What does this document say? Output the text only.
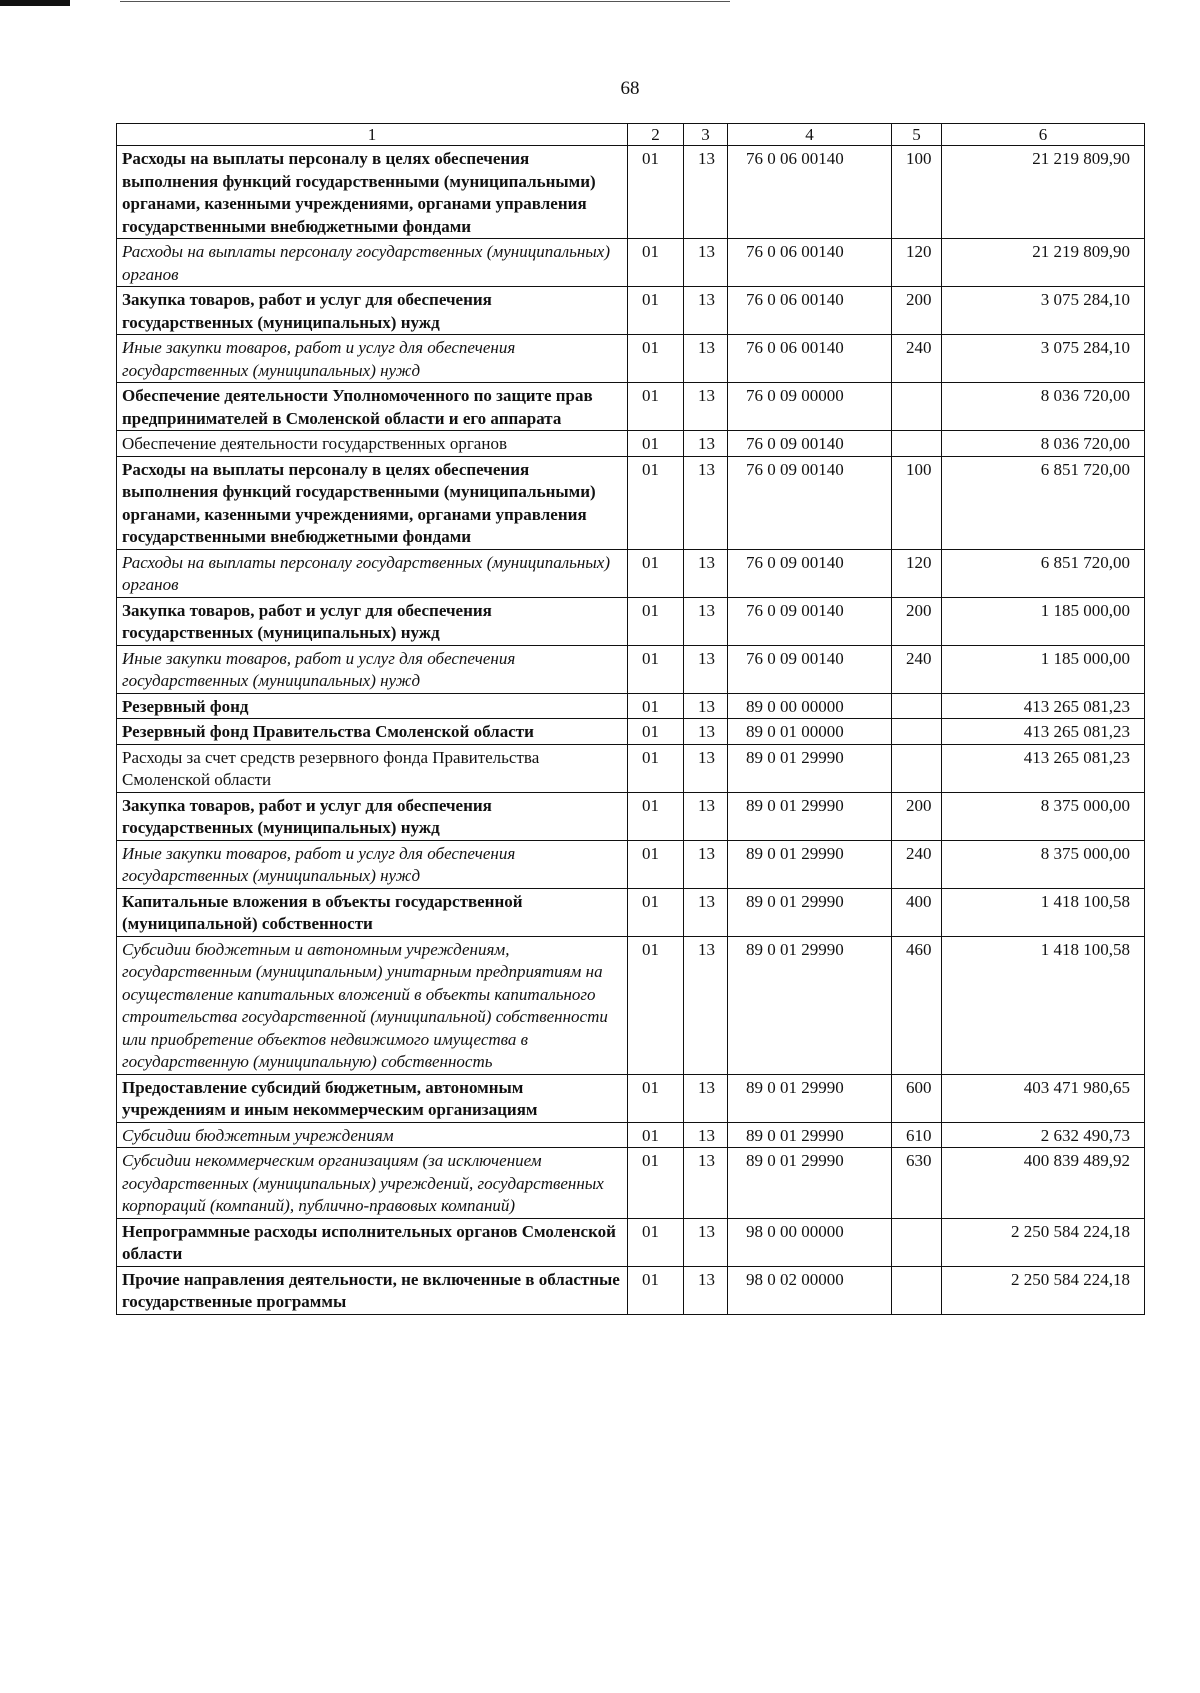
68
1	2	3	4	5	6
Расходы на выплаты персоналу в целях обеспечения выполнения функций государственными (муниципальными) органами, казенными учреждениями, органами управления государственными внебюджетными фондами	01	13	76 0 06 00140	100	21 219 809,90
Расходы на выплаты персоналу государственных (муниципальных) органов	01	13	76 0 06 00140	120	21 219 809,90
Закупка товаров, работ и услуг для обеспечения государственных (муниципальных) нужд	01	13	76 0 06 00140	200	3 075 284,10
Иные закупки товаров, работ и услуг для обеспечения государственных (муниципальных) нужд	01	13	76 0 06 00140	240	3 075 284,10
Обеспечение деятельности Уполномоченного по защите прав предпринимателей в Смоленской области и его аппарата	01	13	76 0 09 00000		8 036 720,00
Обеспечение деятельности государственных органов	01	13	76 0 09 00140		8 036 720,00
Расходы на выплаты персоналу в целях обеспечения выполнения функций государственными (муниципальными) органами, казенными учреждениями, органами управления государственными внебюджетными фондами	01	13	76 0 09 00140	100	6 851 720,00
Расходы на выплаты персоналу государственных (муниципальных) органов	01	13	76 0 09 00140	120	6 851 720,00
Закупка товаров, работ и услуг для обеспечения государственных (муниципальных) нужд	01	13	76 0 09 00140	200	1 185 000,00
Иные закупки товаров, работ и услуг для обеспечения государственных (муниципальных) нужд	01	13	76 0 09 00140	240	1 185 000,00
Резервный фонд	01	13	89 0 00 00000		413 265 081,23
Резервный фонд Правительства Смоленской области	01	13	89 0 01 00000		413 265 081,23
Расходы за счет средств резервного фонда Правительства Смоленской области	01	13	89 0 01 29990		413 265 081,23
Закупка товаров, работ и услуг для обеспечения государственных (муниципальных) нужд	01	13	89 0 01 29990	200	8 375 000,00
Иные закупки товаров, работ и услуг для обеспечения государственных (муниципальных) нужд	01	13	89 0 01 29990	240	8 375 000,00
Капитальные вложения в объекты государственной (муниципальной) собственности	01	13	89 0 01 29990	400	1 418 100,58
Субсидии бюджетным и автономным учреждениям, государственным (муниципальным) унитарным предприятиям на осуществление капитальных вложений в объекты капитального строительства государственной (муниципальной) собственности или приобретение объектов недвижимого имущества в государственную (муниципальную) собственность	01	13	89 0 01 29990	460	1 418 100,58
Предоставление субсидий бюджетным, автономным учреждениям и иным некоммерческим организациям	01	13	89 0 01 29990	600	403 471 980,65
Субсидии бюджетным учреждениям	01	13	89 0 01 29990	610	2 632 490,73
Субсидии некоммерческим организациям (за исключением государственных (муниципальных) учреждений, государственных корпораций (компаний), публично-правовых компаний)	01	13	89 0 01 29990	630	400 839 489,92
Непрограммные расходы исполнительных органов Смоленской области	01	13	98 0 00 00000		2 250 584 224,18
Прочие направления деятельности, не включенные в областные государственные программы	01	13	98 0 02 00000		2 250 584 224,18
